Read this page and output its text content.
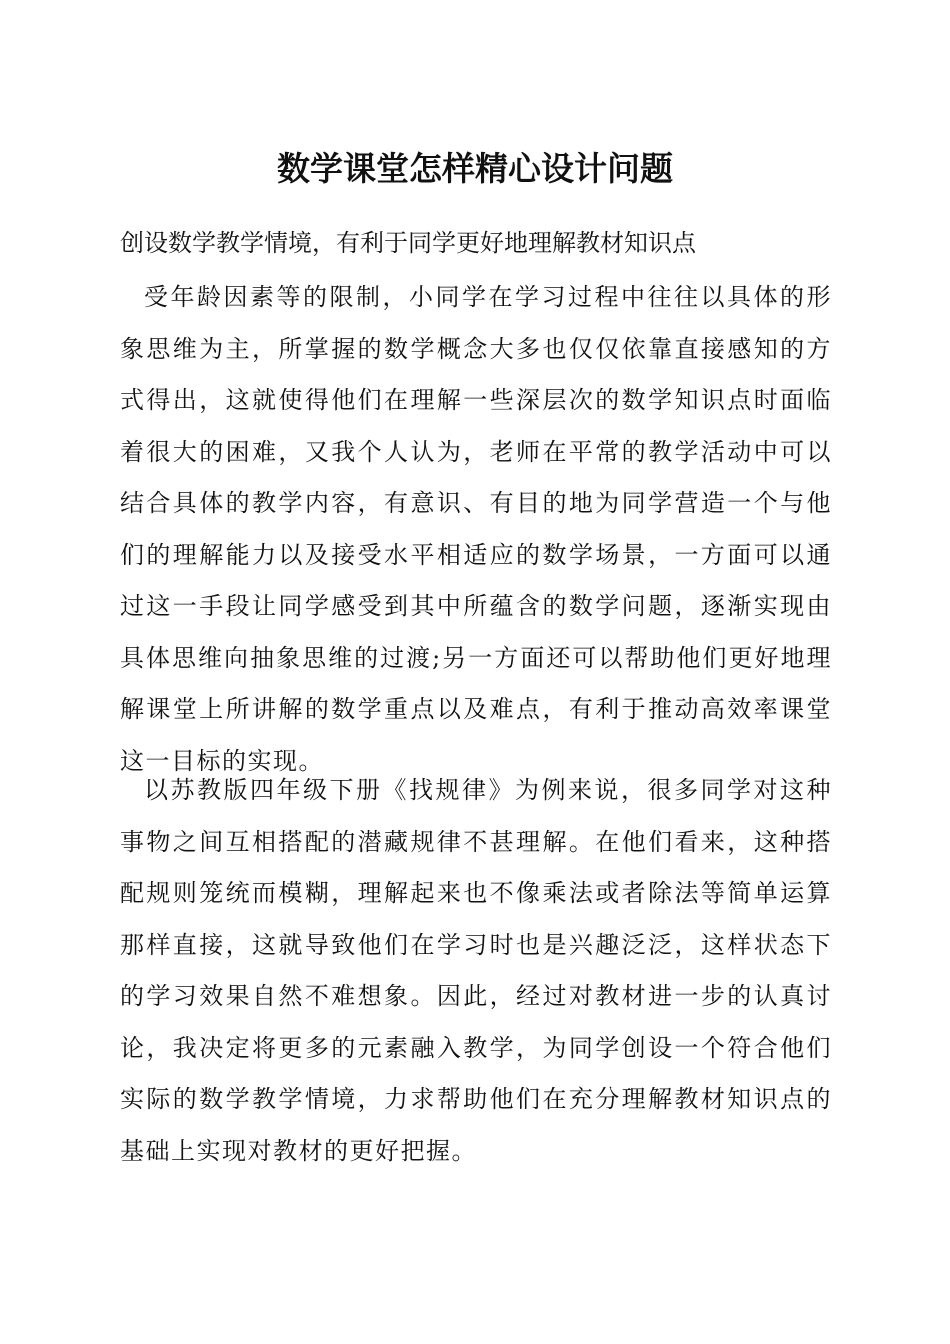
数学课堂怎样精心设计问题
创设数学教学情境，有利于同学更好地理解教材知识点

受年龄因素等的限制，小同学在学习过程中往往以具体的形象思维为主，所掌握的数学概念大多也仅仅依靠直接感知的方式得出，这就使得他们在理解一些深层次的数学知识点时面临着很大的困难，又我个人认为，老师在平常的教学活动中可以结合具体的教学内容，有意识、有目的地为同学营造一个与他们的理解能力以及接受水平相适应的数学场景，一方面可以通过这一手段让同学感受到其中所蕴含的数学问题，逐渐实现由具体思维向抽象思维的过渡;另一方面还可以帮助他们更好地理解课堂上所讲解的数学重点以及难点，有利于推动高效率课堂这一目标的实现。

以苏教版四年级下册《找规律》为例来说，很多同学对这种事物之间互相搭配的潜藏规律不甚理解。在他们看来，这种搭配规则笼统而模糊，理解起来也不像乘法或者除法等简单运算那样直接，这就导致他们在学习时也是兴趣泛泛，这样状态下的学习效果自然不难想象。因此，经过对教材进一步的认真讨论，我决定将更多的元素融入教学，为同学创设一个符合他们实际的数学教学情境，力求帮助他们在充分理解教材知识点的基础上实现对教材的更好把握。
